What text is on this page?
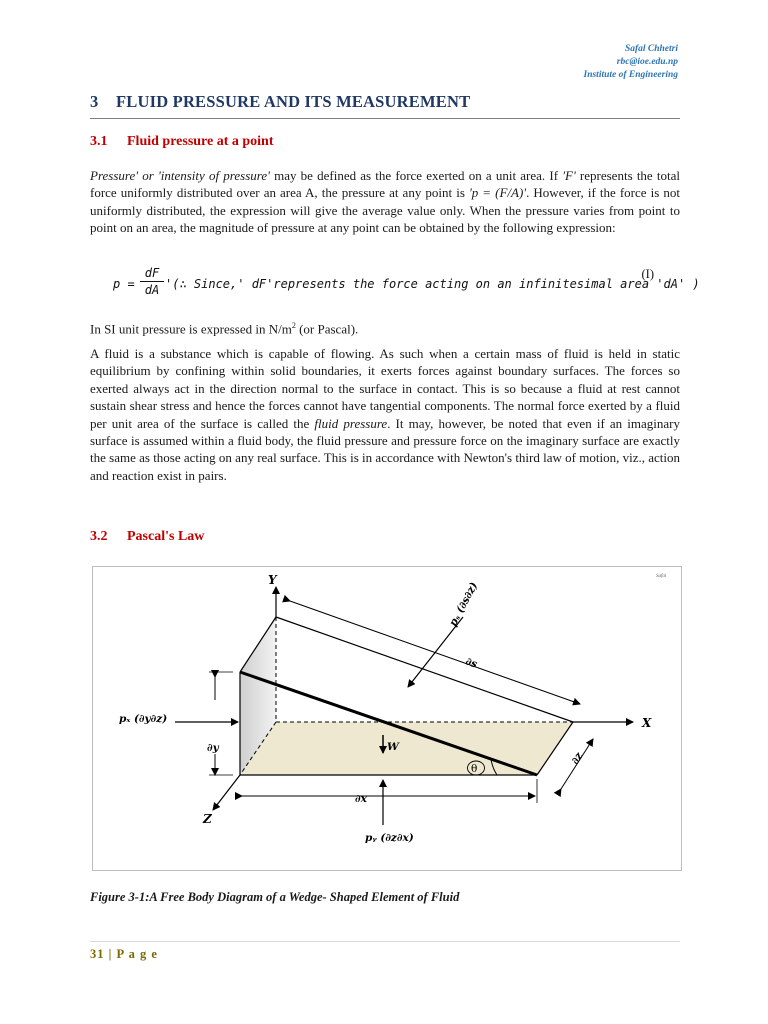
Safal Chhetri
rbc@ioe.edu.np
Institute of Engineering
3 FLUID PRESSURE AND ITS MEASUREMENT
3.1 Fluid pressure at a point
Pressure' or 'intensity of pressure' may be defined as the force exerted on a unit area. If 'F' represents the total force uniformly distributed over an area A, the pressure at any point is 'p = (F/A)'. However, if the force is not uniformly distributed, the expression will give the average value only. When the pressure varies from point to point on an area, the magnitude of pressure at any point can be obtained by the following expression:
$p = \frac{dF}{dA}$ '(∴ Since,' dF'represents the force acting on an infinitesimal area 'dA' )
(I)
In SI unit pressure is expressed in $N/m^2$ (or Pascal).
A fluid is a substance which is capable of flowing. As such when a certain mass of fluid is held in static equilibrium by confining within solid boundaries, it exerts forces against boundary surfaces. The forces so exerted always act in the direction normal to the surface in contact. This is so because a fluid at rest cannot sustain shear stress and hence the forces cannot have tangential components. The normal force exerted by a fluid per unit area of the surface is called the fluid pressure. It may, however, be noted that even if an imaginary surface is assumed within a fluid body, the fluid pressure and pressure force on the imaginary surface are exactly the same as those acting on any real surface. This is in accordance with Newton's third law of motion, viz., action and reaction exist in pairs.
3.2 Pascal's Law
Safal
Y
X
Z
pₛ (∂s∂z)
∂s
pₓ (∂y∂z)
∂y	W
θ
∂z
∂x
pᵧ (∂z∂x)
Figure 3-1:A Free Body Diagram of a Wedge- Shaped Element of Fluid
31 | P a g e
